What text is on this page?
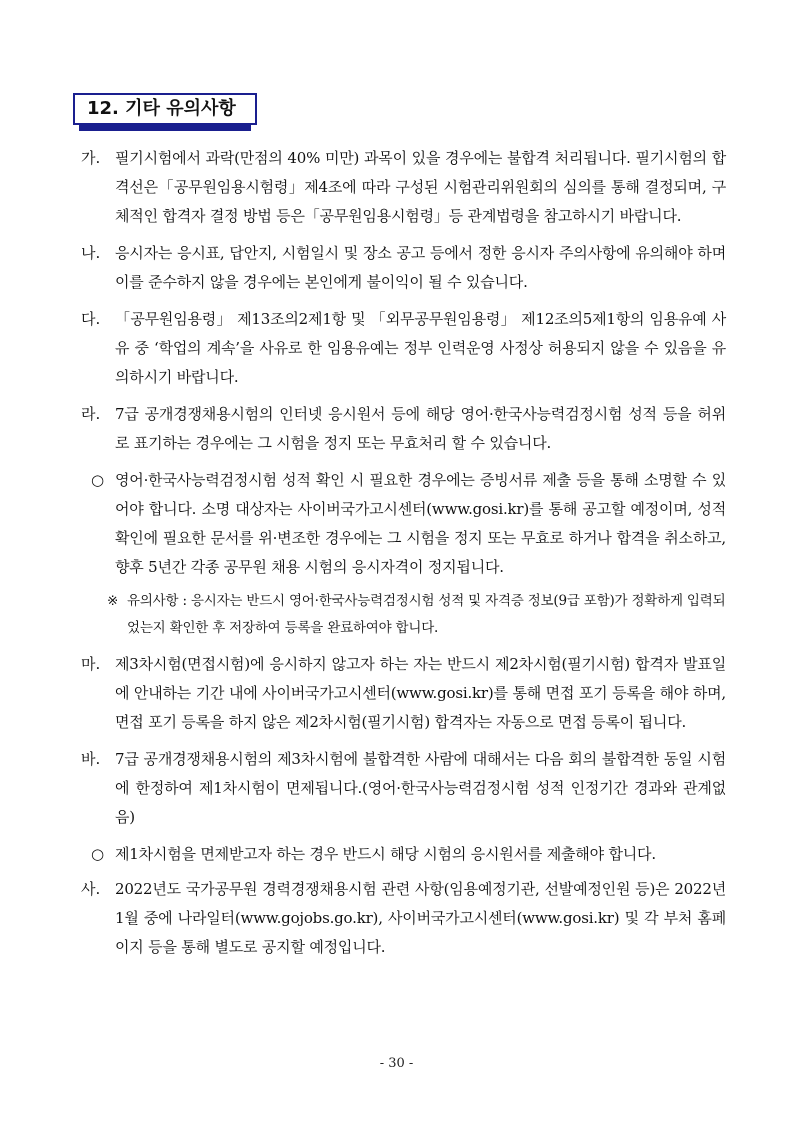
12. 기타 유의사항
가. 필기시험에서 과락(만점의 40% 미만) 과목이 있을 경우에는 불합격 처리됩니다. 필기시험의 합격선은「공무원임용시험령」제4조에 따라 구성된 시험관리위원회의 심의를 통해 결정되며, 구체적인 합격자 결정 방법 등은「공무원임용시험령」등 관계법령을 참고하시기 바랍니다.
나. 응시자는 응시표, 답안지, 시험일시 및 장소 공고 등에서 정한 응시자 주의사항에 유의해야 하며 이를 준수하지 않을 경우에는 본인에게 불이익이 될 수 있습니다.
다. 「공무원임용령」 제13조의2제1항 및 「외무공무원임용령」 제12조의5제1항의 임용유예 사유 중 ‘학업의 계속’을 사유로 한 임용유예는 정부 인력운영 사정상 허용되지 않을 수 있음을 유의하시기 바랍니다.
라. 7급 공개경쟁채용시험의 인터넷 응시원서 등에 해당 영어·한국사능력검정시험 성적 등을 허위로 표기하는 경우에는 그 시험을 정지 또는 무효처리 할 수 있습니다.
○ 영어·한국사능력검정시험 성적 확인 시 필요한 경우에는 증빙서류 제출 등을 통해 소명할 수 있어야 합니다. 소명 대상자는 사이버국가고시센터(www.gosi.kr)를 통해 공고할 예정이며, 성적 확인에 필요한 문서를 위·변조한 경우에는 그 시험을 정지 또는 무효로 하거나 합격을 취소하고, 향후 5년간 각종 공무원 채용 시험의 응시자격이 정지됩니다.
※ 유의사항 : 응시자는 반드시 영어·한국사능력검정시험 성적 및 자격증 정보(9급 포함)가 정확하게 입력되었는지 확인한 후 저장하여 등록을 완료하여야 합니다.
마. 제3차시험(면접시험)에 응시하지 않고자 하는 자는 반드시 제2차시험(필기시험) 합격자 발표일에 안내하는 기간 내에 사이버국가고시센터(www.gosi.kr)를 통해 면접 포기 등록을 해야 하며, 면접 포기 등록을 하지 않은 제2차시험(필기시험) 합격자는 자동으로 면접 등록이 됩니다.
바. 7급 공개경쟁채용시험의 제3차시험에 불합격한 사람에 대해서는 다음 회의 불합격한 동일 시험에 한정하여 제1차시험이 면제됩니다.(영어·한국사능력검정시험 성적 인정기간 경과와 관계없음)
○ 제1차시험을 면제받고자 하는 경우 반드시 해당 시험의 응시원서를 제출해야 합니다.
사. 2022년도 국가공무원 경력경쟁채용시험 관련 사항(임용예정기관, 선발예정인원 등)은 2022년 1월 중에 나라일터(www.gojobs.go.kr), 사이버국가고시센터(www.gosi.kr) 및 각 부처 홈페이지 등을 통해 별도로 공지할 예정입니다.
- 30 -
